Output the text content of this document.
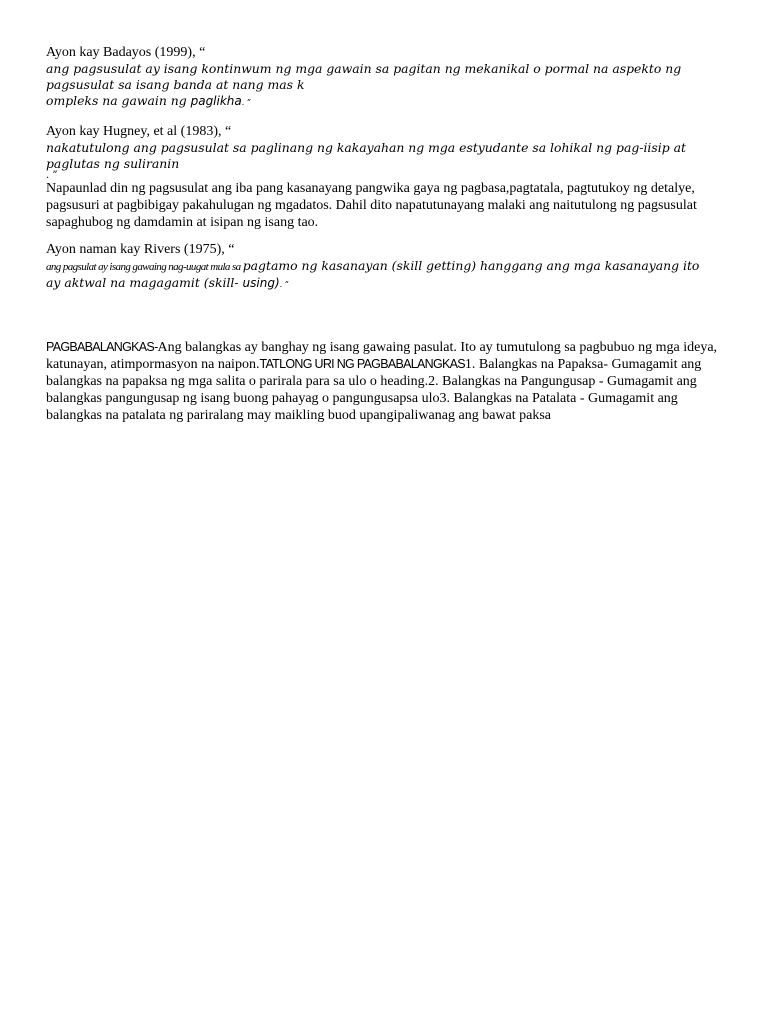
Ayon kay Badayos (1999), “

ang pagsusulat ay isang kontinwum ng mga gawain sa pagitan ng mekanikal o pormal na aspekto ng pagsusulat sa isang banda at nang mas k
ompleks na gawain ng paglikha. ”

Ayon kay Hugney, et al (1983), “

nakatutulong ang pagsusulat sa paglinang ng kakayahan ng mga estyudante sa lohikal ng pag-iisip at paglutas ng suliranin
. ”

Napaunlad din ng pagsusulat ang iba pang kasanayang pangwika gaya ng pagbasa,pagtatala, pagtutukoy ng detalye, pagsusuri at pagbibigay pakahulugan ng mgadatos. Dahil dito napatutunayang malaki ang naitutulong ng pagsusulat sapaghubog ng damdamin at isipan ng isang tao.

Ayon naman kay Rivers (1975), “

ang pagsulat ay isang gawaing nag-uugat mula sa pagtamo ng kasanayan (skill getting) hanggang ang mga kasanayang ito
ay aktwal na magagamit (skill- using). ”

PAGBABALANGKAS-Ang balangkas ay banghay ng isang gawaing pasulat. Ito ay tumutulong sa pagbubuo ng mga ideya, katunayan, atimpormasyon na naipon.TATLONG URI NG PAGBABALANGKAS1. Balangkas na Papaksa- Gumagamit ang balangkas na papaksa ng mga salita o parirala para sa ulo o heading.2. Balangkas na Pangungusap - Gumagamit ang balangkas pangungusap ng isang buong pahayag o pangungusapsa ulo3. Balangkas na Patalata - Gumagamit ang balangkas na patalata ng pariralang may maikling buod upangipaliwanag ang bawat paksa
